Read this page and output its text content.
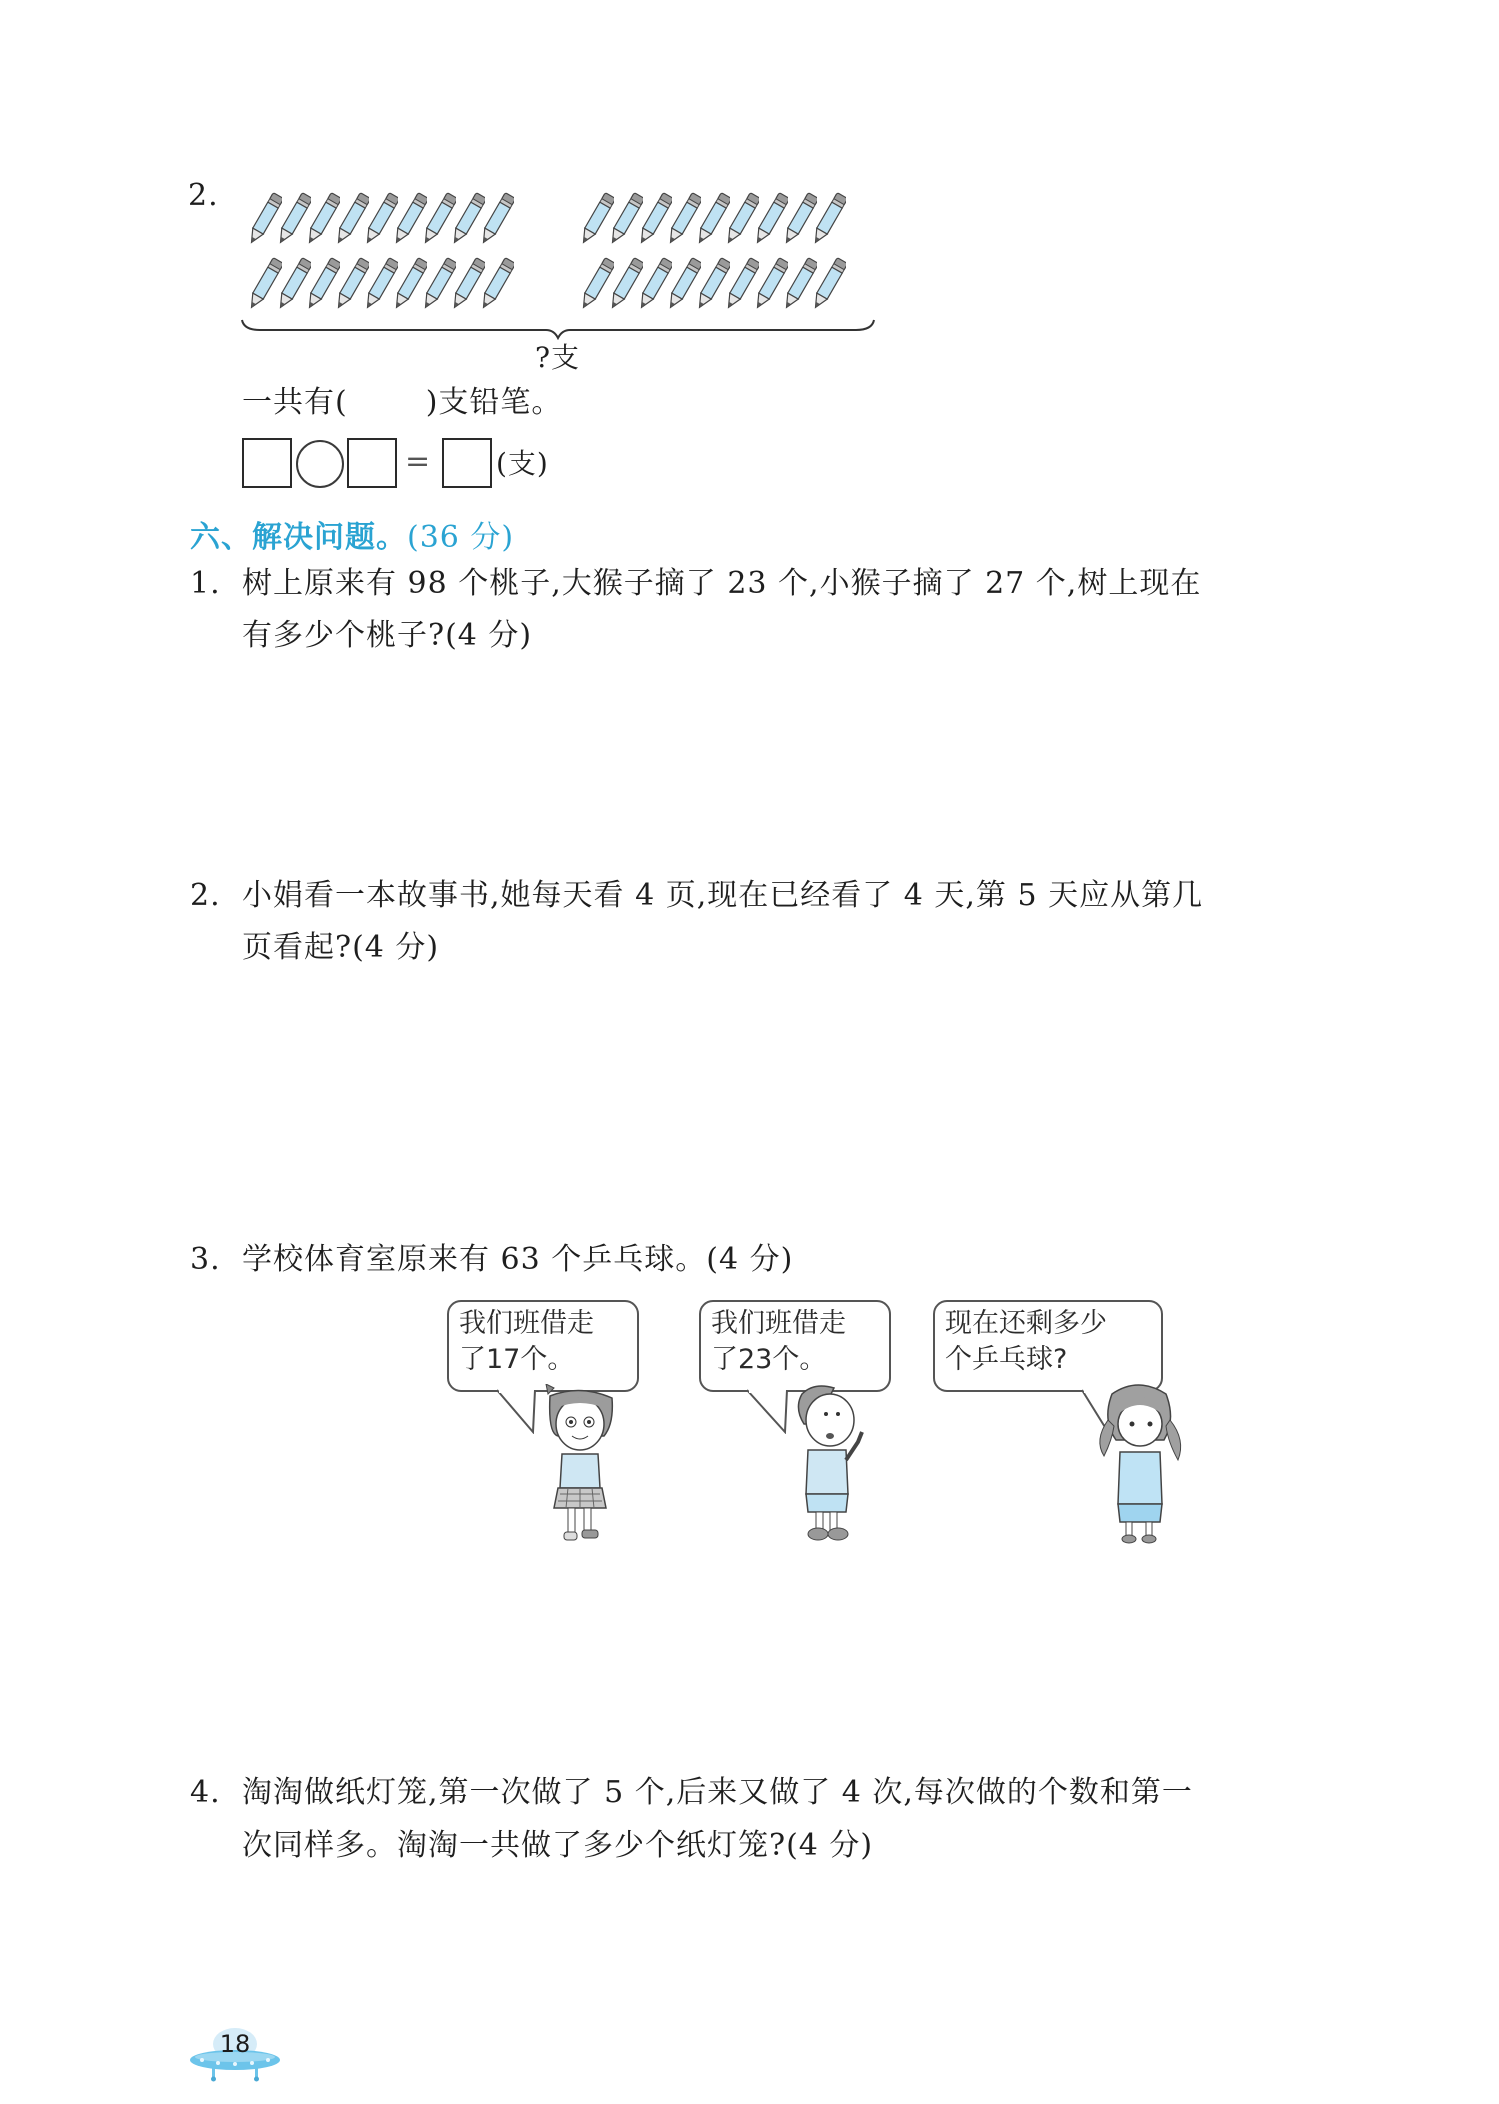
2.
?支
一共有(	)支铅笔。
= (支)
六、解决问题。(36 分)
1. 树上原来有 98 个桃子,大猴子摘了 23 个,小猴子摘了 27 个,树上现在
有多少个桃子?(4 分)
2. 小娟看一本故事书,她每天看 4 页,现在已经看了 4 天,第 5 天应从第几
页看起?(4 分)
3. 学校体育室原来有 63 个乒乓球。(4 分)
我们班借走
了17个。
我们班借走
了23个。
现在还剩多少
个乒乓球?
4. 淘淘做纸灯笼,第一次做了 5 个,后来又做了 4 次,每次做的个数和第一
次同样多。淘淘一共做了多少个纸灯笼?(4 分)
18
